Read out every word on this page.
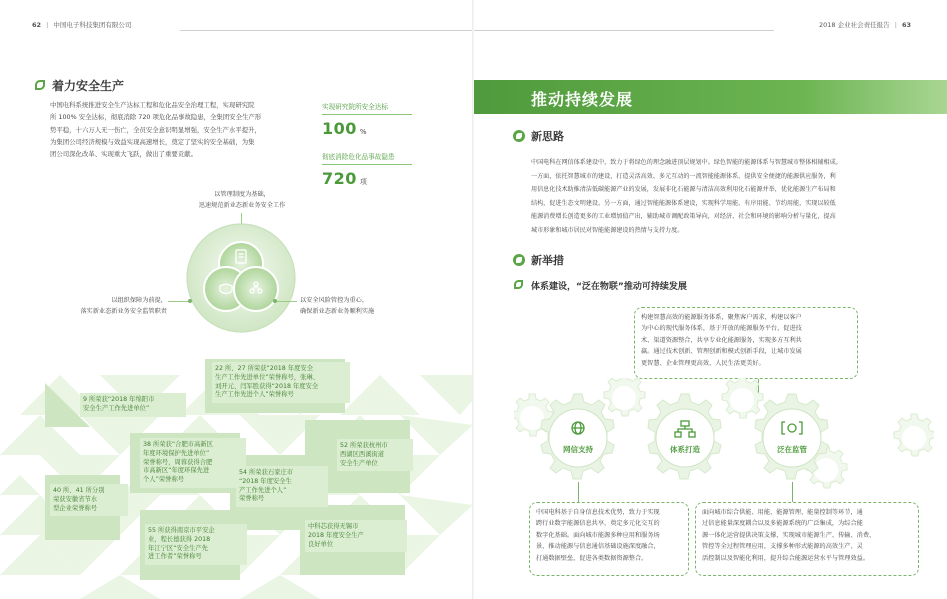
62 | 中国电子科技集团有限公司
着力安全生产
中国电科系统推进安全生产达标工程和危化品安全治理工程，实现研究院
所 100% 安全达标，彻底消除 720 项危化品事故隐患，全集团安全生产形
势平稳，十六万人无一伤亡，全员安全意识明显增强，安全生产水平提升，
为集团公司经济规模与效益实现高速增长，奠定了坚实的安全基础，为集
团公司深化改革、实现重大飞跃，做出了重要贡献。
实现研究院所安全达标
100 %
彻底消除危化品事故隐患
720 项
以管理制度为基础，
迅速规范新业态新业务安全工作
以组织保障为前提，
落实新业态新业务安全监管职责
以安全风险管控为重心，
确保新业态新业务顺利实施
9 所荣获“2018 年绵阳市
安全生产工作先进单位”
22 所、27 所荣获“2018 年度安全
生产工作先进单位”荣誉称号，张琳、
刘开元、闫军胜获得“2018 年度安全
生产工作先进个人”荣誉称号
38 所荣获“合肥市高新区
年度环境保护先进单位”
荣誉称号，周蓉获得合肥
市高新区“年度环保先进
个人”荣誉称号
52 所荣获杭州市
西湖区西溪街道
安全生产单位
40 所、41 所分别
荣获安徽省节水
型企业荣誉称号
54 所荣获石家庄市
“2018 年度安全生
产工作先进个人”
荣誉称号
55 所获得南京市平安企
业，程长德获得 2018
年江宁区“安全生产先
进工作者”荣誉称号
中科芯获得无锡市
2018 年度安全生产
良好单位
2018 企业社会责任报告 | 63
推动持续发展
新思路
中国电科在网信体系建设中，致力于将绿色的理念融进顶层规划中。绿色智能的能源体系与智慧城市整体相辅相成。
一方面，依托智慧城市的建设，打造灵活高效、多元互动的一流智能能源体系，提供安全便捷的能源供应服务，利
用信息化技术助推清洁低碳能源产业的发展，发展非化石能源与清洁高效利用化石能源并举，优化能源生产布局和
结构，促进生态文明建设。另一方面，通过智能能源体系建设，实现科学用能、有序用能、节约用能，实现以较低
能源消费增长创造更多的工业增加值产出，辅助城市调配政策导向，对经济、社会和环境的影响分析与量化，提高
城市形象和城市居民对智能能源建设的热情与支持力度。
新举措
体系建设，“泛在物联”推动可持续发展
构建智慧高效的能源服务体系，聚焦客户需求，构建以客户
为中心的现代服务体系，基于开放的能源服务平台，促进技
术、渠道资源整合，共享专业化能源服务，实现多方互利共
赢。通过技术创新、管理创新和模式创新手段，让城市发展
更智慧、企业管理更高效、人民生活更美好。
网信支持	体系打造	泛在监管
中国电科基于自身信息技术优势，致力于实现
跨行业数字能源信息共享，奠定多元化交互的
数字化基础。面向城市能源多种应用和服务场
景，推动能源与信息通信基础设施深度融合，
打通数据壁垒，促进各类数据资源整合。
面向城市综合供能、用能、能源管理、能量控制等环节，通
过信息能量深度耦合以及多能源系统的广泛集成，为综合能
源一体化运营提供决策支撑，实现城市能源生产、传输、消费、
管控等全过程管理应用，支撑多种形式能源的高效生产、灵
活控制以及智能化利用，提升综合能源运营水平与管理效益。
